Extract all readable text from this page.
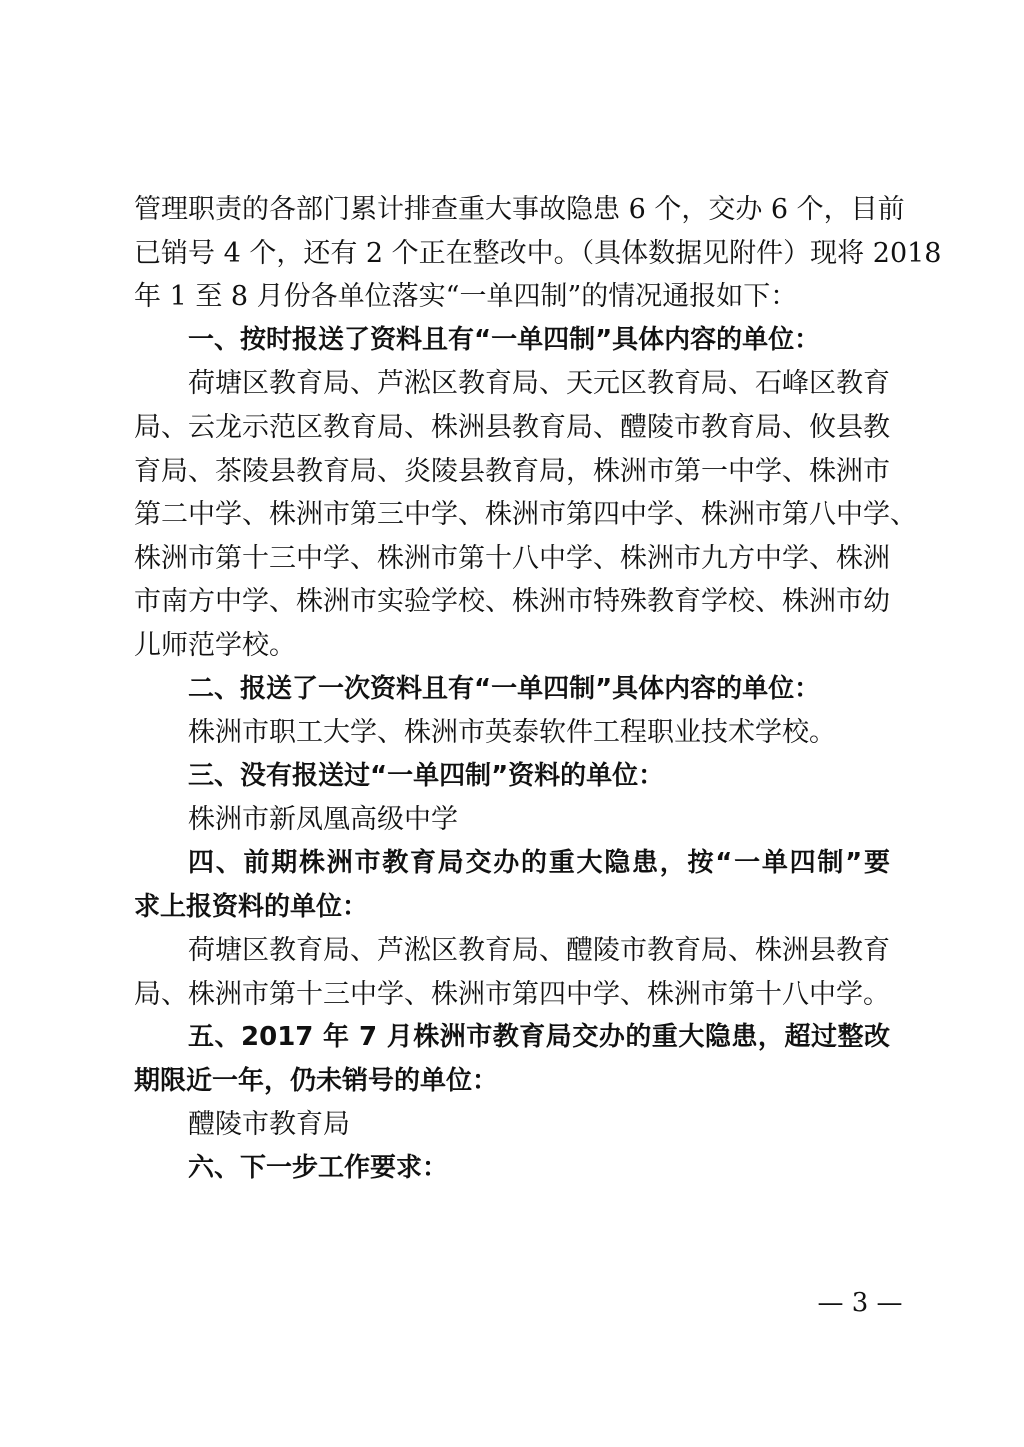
管理职责的各部门累计排查重大事故隐患 6 个，交办 6 个，目前
已销号 4 个，还有 2 个正在整改中。（具体数据见附件）现将 2018
年 1 至 8 月份各单位落实“一单四制”的情况通报如下：
一、按时报送了资料且有“一单四制”具体内容的单位：
荷塘区教育局、芦淞区教育局、天元区教育局、石峰区教育
局、云龙示范区教育局、株洲县教育局、醴陵市教育局、攸县教
育局、茶陵县教育局、炎陵县教育局，株洲市第一中学、株洲市
第二中学、株洲市第三中学、株洲市第四中学、株洲市第八中学、
株洲市第十三中学、株洲市第十八中学、株洲市九方中学、株洲
市南方中学、株洲市实验学校、株洲市特殊教育学校、株洲市幼
儿师范学校。
二、报送了一次资料且有“一单四制”具体内容的单位：
株洲市职工大学、株洲市英泰软件工程职业技术学校。
三、没有报送过“一单四制”资料的单位：
株洲市新凤凰高级中学
四、前期株洲市教育局交办的重大隐患，按“一单四制”要
求上报资料的单位：
荷塘区教育局、芦淞区教育局、醴陵市教育局、株洲县教育
局、株洲市第十三中学、株洲市第四中学、株洲市第十八中学。
五、2017 年 7 月株洲市教育局交办的重大隐患，超过整改
期限近一年，仍未销号的单位：
醴陵市教育局
六、下一步工作要求：
— 3 —
